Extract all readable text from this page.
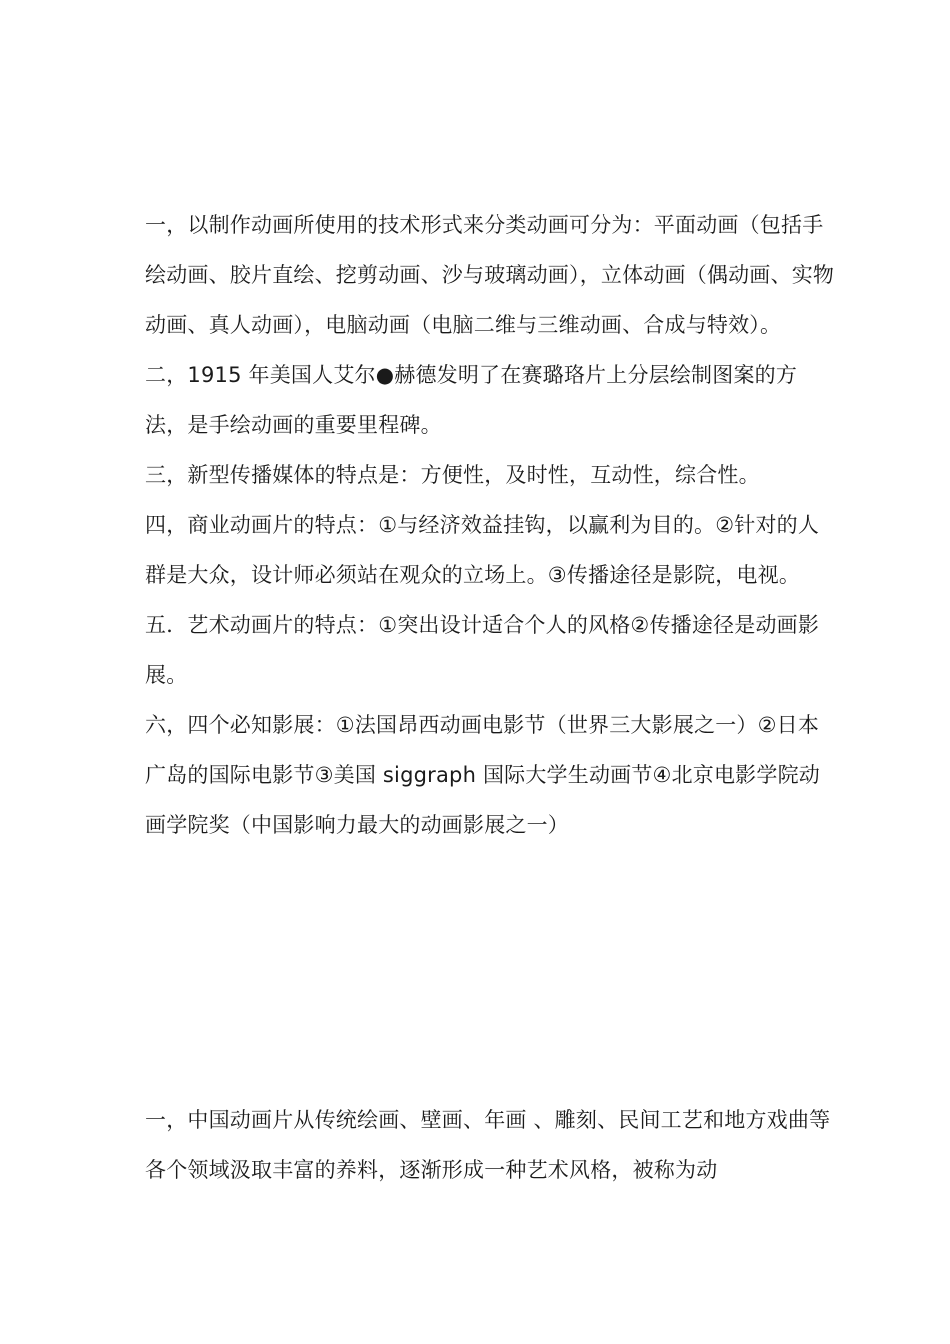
一，以制作动画所使用的技术形式来分类动画可分为：平面动画（包括手绘动画、胶片直绘、挖剪动画、沙与玻璃动画），立体动画（偶动画、实物动画、真人动画），电脑动画（电脑二维与三维动画、合成与特效）。

二，1915 年美国人艾尔●赫德发明了在赛璐珞片上分层绘制图案的方法，是手绘动画的重要里程碑。

三，新型传播媒体的特点是：方便性，及时性，互动性，综合性。

四，商业动画片的特点：①与经济效益挂钩，以赢利为目的。②针对的人群是大众，设计师必须站在观众的立场上。③传播途径是影院，电视。

五．艺术动画片的特点：①突出设计适合个人的风格②传播途径是动画影展。

六，四个必知影展：①法国昂西动画电影节（世界三大影展之一）②日本广岛的国际电影节③美国 siggraph 国际大学生动画节④北京电影学院动画学院奖（中国影响力最大的动画影展之一）

一，中国动画片从传统绘画、壁画、年画 、雕刻、民间工艺和地方戏曲等各个领域汲取丰富的养料，逐渐形成一种艺术风格，被称为动
